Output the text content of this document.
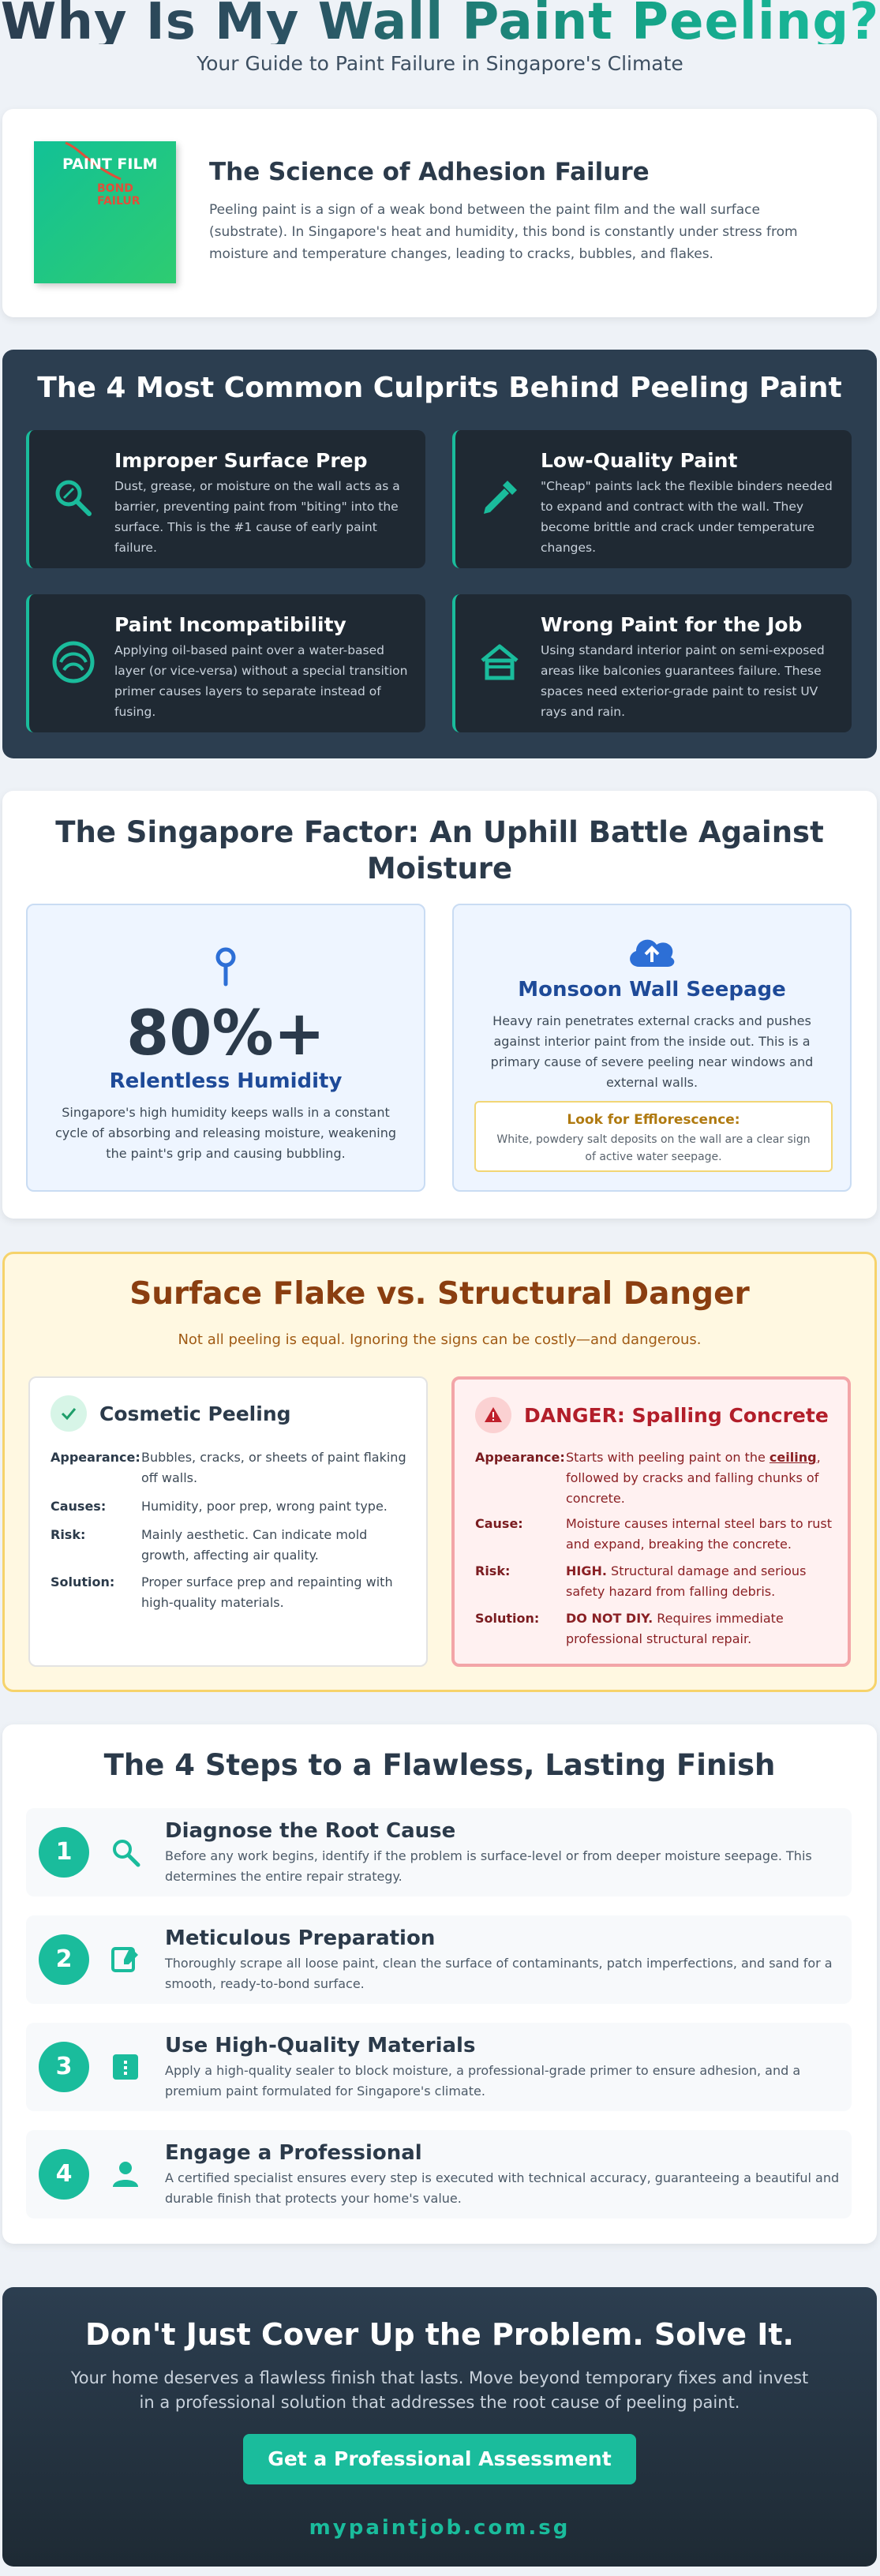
Why Is My Wall Paint Peeling?
Your Guide to Paint Failure in Singapore's Climate
PAINT FILM
BOND FAILUR
The Science of Adhesion Failure

Peeling paint is a sign of a weak bond between the paint film and the wall surface (substrate). In Singapore's heat and humidity, this bond is constantly under stress from moisture and temperature changes, leading to cracks, bubbles, and flakes.

The 4 Most Common Culprits Behind Peeling Paint
Improper Surface Prep

Dust, grease, or moisture on the wall acts as a barrier, preventing paint from "biting" into the surface. This is the #1 cause of early paint failure.

Low-Quality Paint

"Cheap" paints lack the flexible binders needed to expand and contract with the wall. They become brittle and crack under temperature changes.

Paint Incompatibility

Applying oil-based paint over a water-based layer (or vice-versa) without a special transition primer causes layers to separate instead of fusing.

Wrong Paint for the Job

Using standard interior paint on semi-exposed areas like balconies guarantees failure. These spaces need exterior-grade paint to resist UV rays and rain.

The Singapore Factor: An Uphill Battle Against Moisture
80%+
Relentless Humidity

Singapore's high humidity keeps walls in a constant cycle of absorbing and releasing moisture, weakening the paint's grip and causing bubbling.

Monsoon Wall Seepage

Heavy rain penetrates external cracks and pushes against interior paint from the inside out. This is a primary cause of severe peeling near windows and external walls.

Look for Efflorescence:
White, powdery salt deposits on the wall are a clear sign of active water seepage.
Surface Flake vs. Structural Danger
Not all peeling is equal. Ignoring the signs can be costly—and dangerous.
Cosmetic Peeling
Appearance: Bubbles, cracks, or sheets of paint flaking off walls.
Causes:	Humidity, poor prep, wrong paint type.
Risk:	Mainly aesthetic. Can indicate mold growth, affecting air quality.
Solution:	Proper surface prep and repainting with high-quality materials.
DANGER: Spalling Concrete
Appearance: Starts with peeling paint on the ceiling, followed by cracks and falling chunks of concrete.
Cause:	Moisture causes internal steel bars to rust and expand, breaking the concrete.
Risk:	HIGH. Structural damage and serious safety hazard from falling debris.
Solution:	DO NOT DIY. Requires immediate professional structural repair.
The 4 Steps to a Flawless, Lasting Finish
1
Diagnose the Root Cause

Before any work begins, identify if the problem is surface-level or from deeper moisture seepage. This determines the entire repair strategy.

2
Meticulous Preparation

Thoroughly scrape all loose paint, clean the surface of contaminants, patch imperfections, and sand for a smooth, ready-to-bond surface.

3
Use High-Quality Materials

Apply a high-quality sealer to block moisture, a professional-grade primer to ensure adhesion, and a premium paint formulated for Singapore's climate.

4
Engage a Professional

A certified specialist ensures every step is executed with technical accuracy, guaranteeing a beautiful and durable finish that protects your home's value.

Don't Just Cover Up the Problem. Solve It.

Your home deserves a flawless finish that lasts. Move beyond temporary fixes and invest in a professional solution that addresses the root cause of peeling paint.

Get a Professional Assessment
mypaintjob.com.sg
